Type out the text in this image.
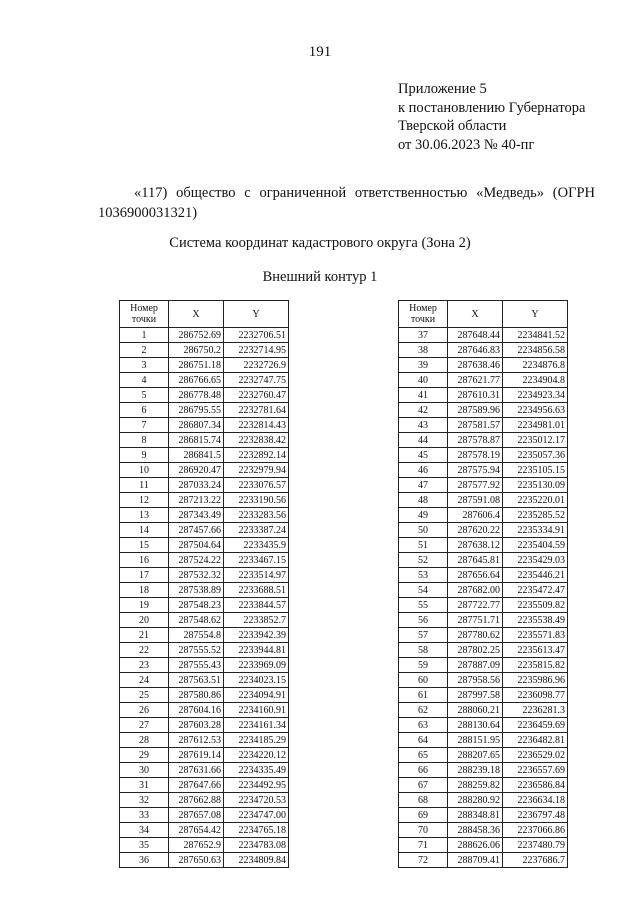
191
Приложение 5
к постановлению Губернатора
Тверской области
от 30.06.2023 № 40-пг
«117) общество с ограниченной ответственностью «Медведь» (ОГРН
1036900031321)
Система координат кадастрового округа (Зона 2)
Внешний контур 1
Номер
точки	X	Y
1	286752.69	2232706.51
2	286750.2	2232714.95
3	286751.18	2232726.9
4	286766.65	2232747.75
5	286778.48	2232760.47
6	286795.55	2232781.64
7	286807.34	2232814.43
8	286815.74	2232838.42
9	286841.5	2232892.14
10	286920.47	2232979.94
11	287033.24	2233076.57
12	287213.22	2233190.56
13	287343.49	2233283.56
14	287457.66	2233387.24
15	287504.64	2233435.9
16	287524.22	2233467.15
17	287532.32	2233514.97
18	287538.89	2233688.51
19	287548.23	2233844.57
20	287548.62	2233852.7
21	287554.8	2233942.39
22	287555.52	2233944.81
23	287555.43	2233969.09
24	287563.51	2234023.15
25	287580.86	2234094.91
26	287604.16	2234160.91
27	287603.28	2234161.34
28	287612.53	2234185.29
29	287619.14	2234220.12
30	287631.66	2234335.49
31	287647.66	2234492.95
32	287662.88	2234720.53
33	287657.08	2234747.00
34	287654.42	2234765.18
35	287652.9	2234783.08
36	287650.63	2234809.84
Номер
точки	X	Y
37	287648.44	2234841.52
38	287646.83	2234856.58
39	287638.46	2234876.8
40	287621.77	2234904.8
41	287610.31	2234923.34
42	287589.96	2234956.63
43	287581.57	2234981.01
44	287578.87	2235012.17
45	287578.19	2235057.36
46	287575.94	2235105.15
47	287577.92	2235130.09
48	287591.08	2235220.01
49	287606.4	2235285.52
50	287620.22	2235334.91
51	287638.12	2235404.59
52	287645.81	2235429.03
53	287656.64	2235446.21
54	287682.00	2235472.47
55	287722.77	2235509.82
56	287751.71	2235538.49
57	287780.62	2235571.83
58	287802.25	2235613.47
59	287887.09	2235815.82
60	287958.56	2235986.96
61	287997.58	2236098.77
62	288060.21	2236281.3
63	288130.64	2236459.69
64	288151.95	2236482.81
65	288207.65	2236529.02
66	288239.18	2236557.69
67	288259.82	2236586.84
68	288280.92	2236634.18
69	288348.81	2236797.48
70	288458.36	2237066.86
71	288626.06	2237480.79
72	288709.41	2237686.7
